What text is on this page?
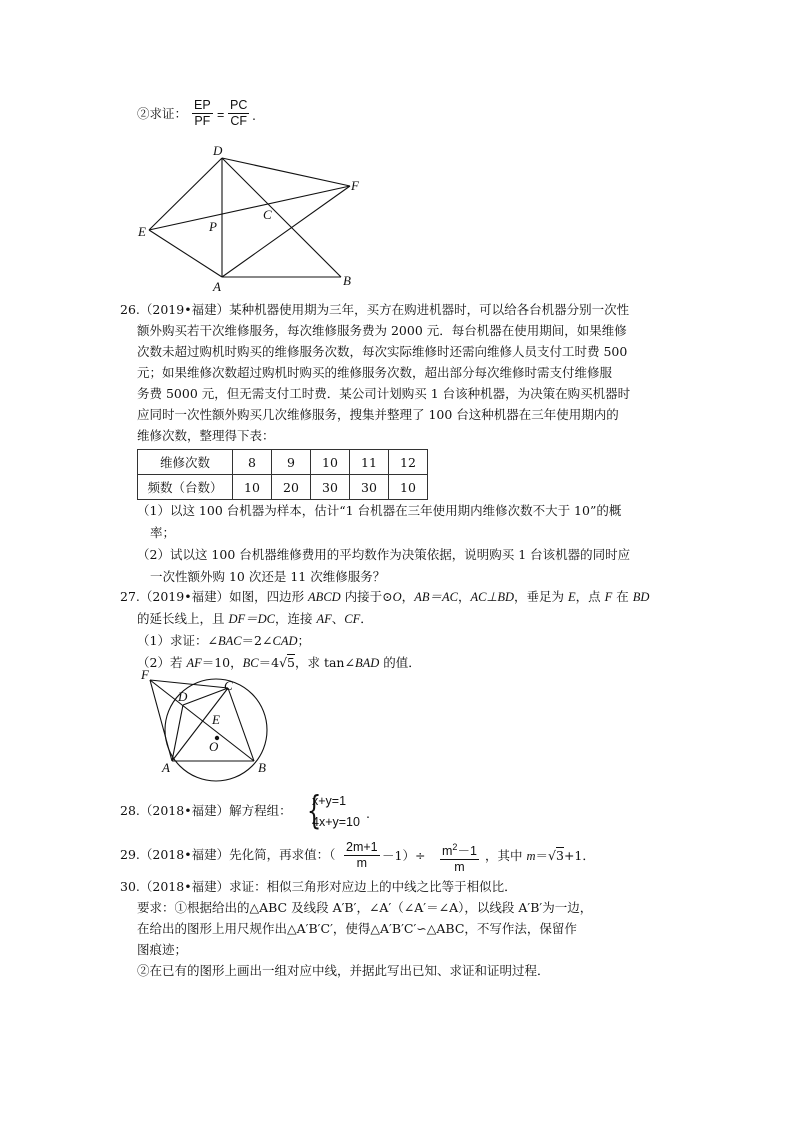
②求证： $\frac{EP}{PF} = \frac{PC}{CF}$ .
D
F
C
P
E
A	B
26.（2019•福建）某种机器使用期为三年，买方在购进机器时，可以给各台机器分别一次性
额外购买若干次维修服务，每次维修服务费为 2000 元．每台机器在使用期间，如果维修
次数未超过购机时购买的维修服务次数，每次实际维修时还需向维修人员支付工时费 500
元；如果维修次数超过购机时购买的维修服务次数，超出部分每次维修时需支付维修服
务费 5000 元，但无需支付工时费．某公司计划购买 1 台该种机器，为决策在购买机器时
应同时一次性额外购买几次维修服务，搜集并整理了 100 台这种机器在三年使用期内的
维修次数，整理得下表：
维修次数	8	9	10	11	12
频数（台数）	10	20	30	30	10
（1）以这 100 台机器为样本，估计“1 台机器在三年使用期内维修次数不大于 10”的概
率；
（2）试以这 100 台机器维修费用的平均数作为决策依据，说明购买 1 台该机器的同时应
一次性额外购 10 次还是 11 次维修服务？
27.（2019•福建）如图，四边形 ABCD 内接于⊙O，AB＝AC，AC⊥BD，垂足为 E，点 F 在 BD
的延长线上，且 DF＝DC，连接 AF、CF．
（1）求证：∠BAC＝2∠CAD；
（2）若 AF＝10，BC＝4√5，求 tan∠BAD 的值．
F
D
C
E
O
A	B
28.（2018•福建）解方程组： {
x+y=1
4x+y=10
.
29.（2018•福建）先化简，再求值：（ $\frac{2m+1}{m} -1)\div \frac{m^2-1}{m}$ ，其中 m＝√3+1．
30.（2018•福建）求证：相似三角形对应边上的中线之比等于相似比．
要求：①根据给出的△ABC 及线段 A′B′，∠A′（∠A′＝∠A），以线段 A′B′为一边，
在给出的图形上用尺规作出△A′B′C′，使得△A′B′C′∽△ABC，不写作法，保留作
图痕迹；
②在已有的图形上画出一组对应中线，并据此写出已知、求证和证明过程．
